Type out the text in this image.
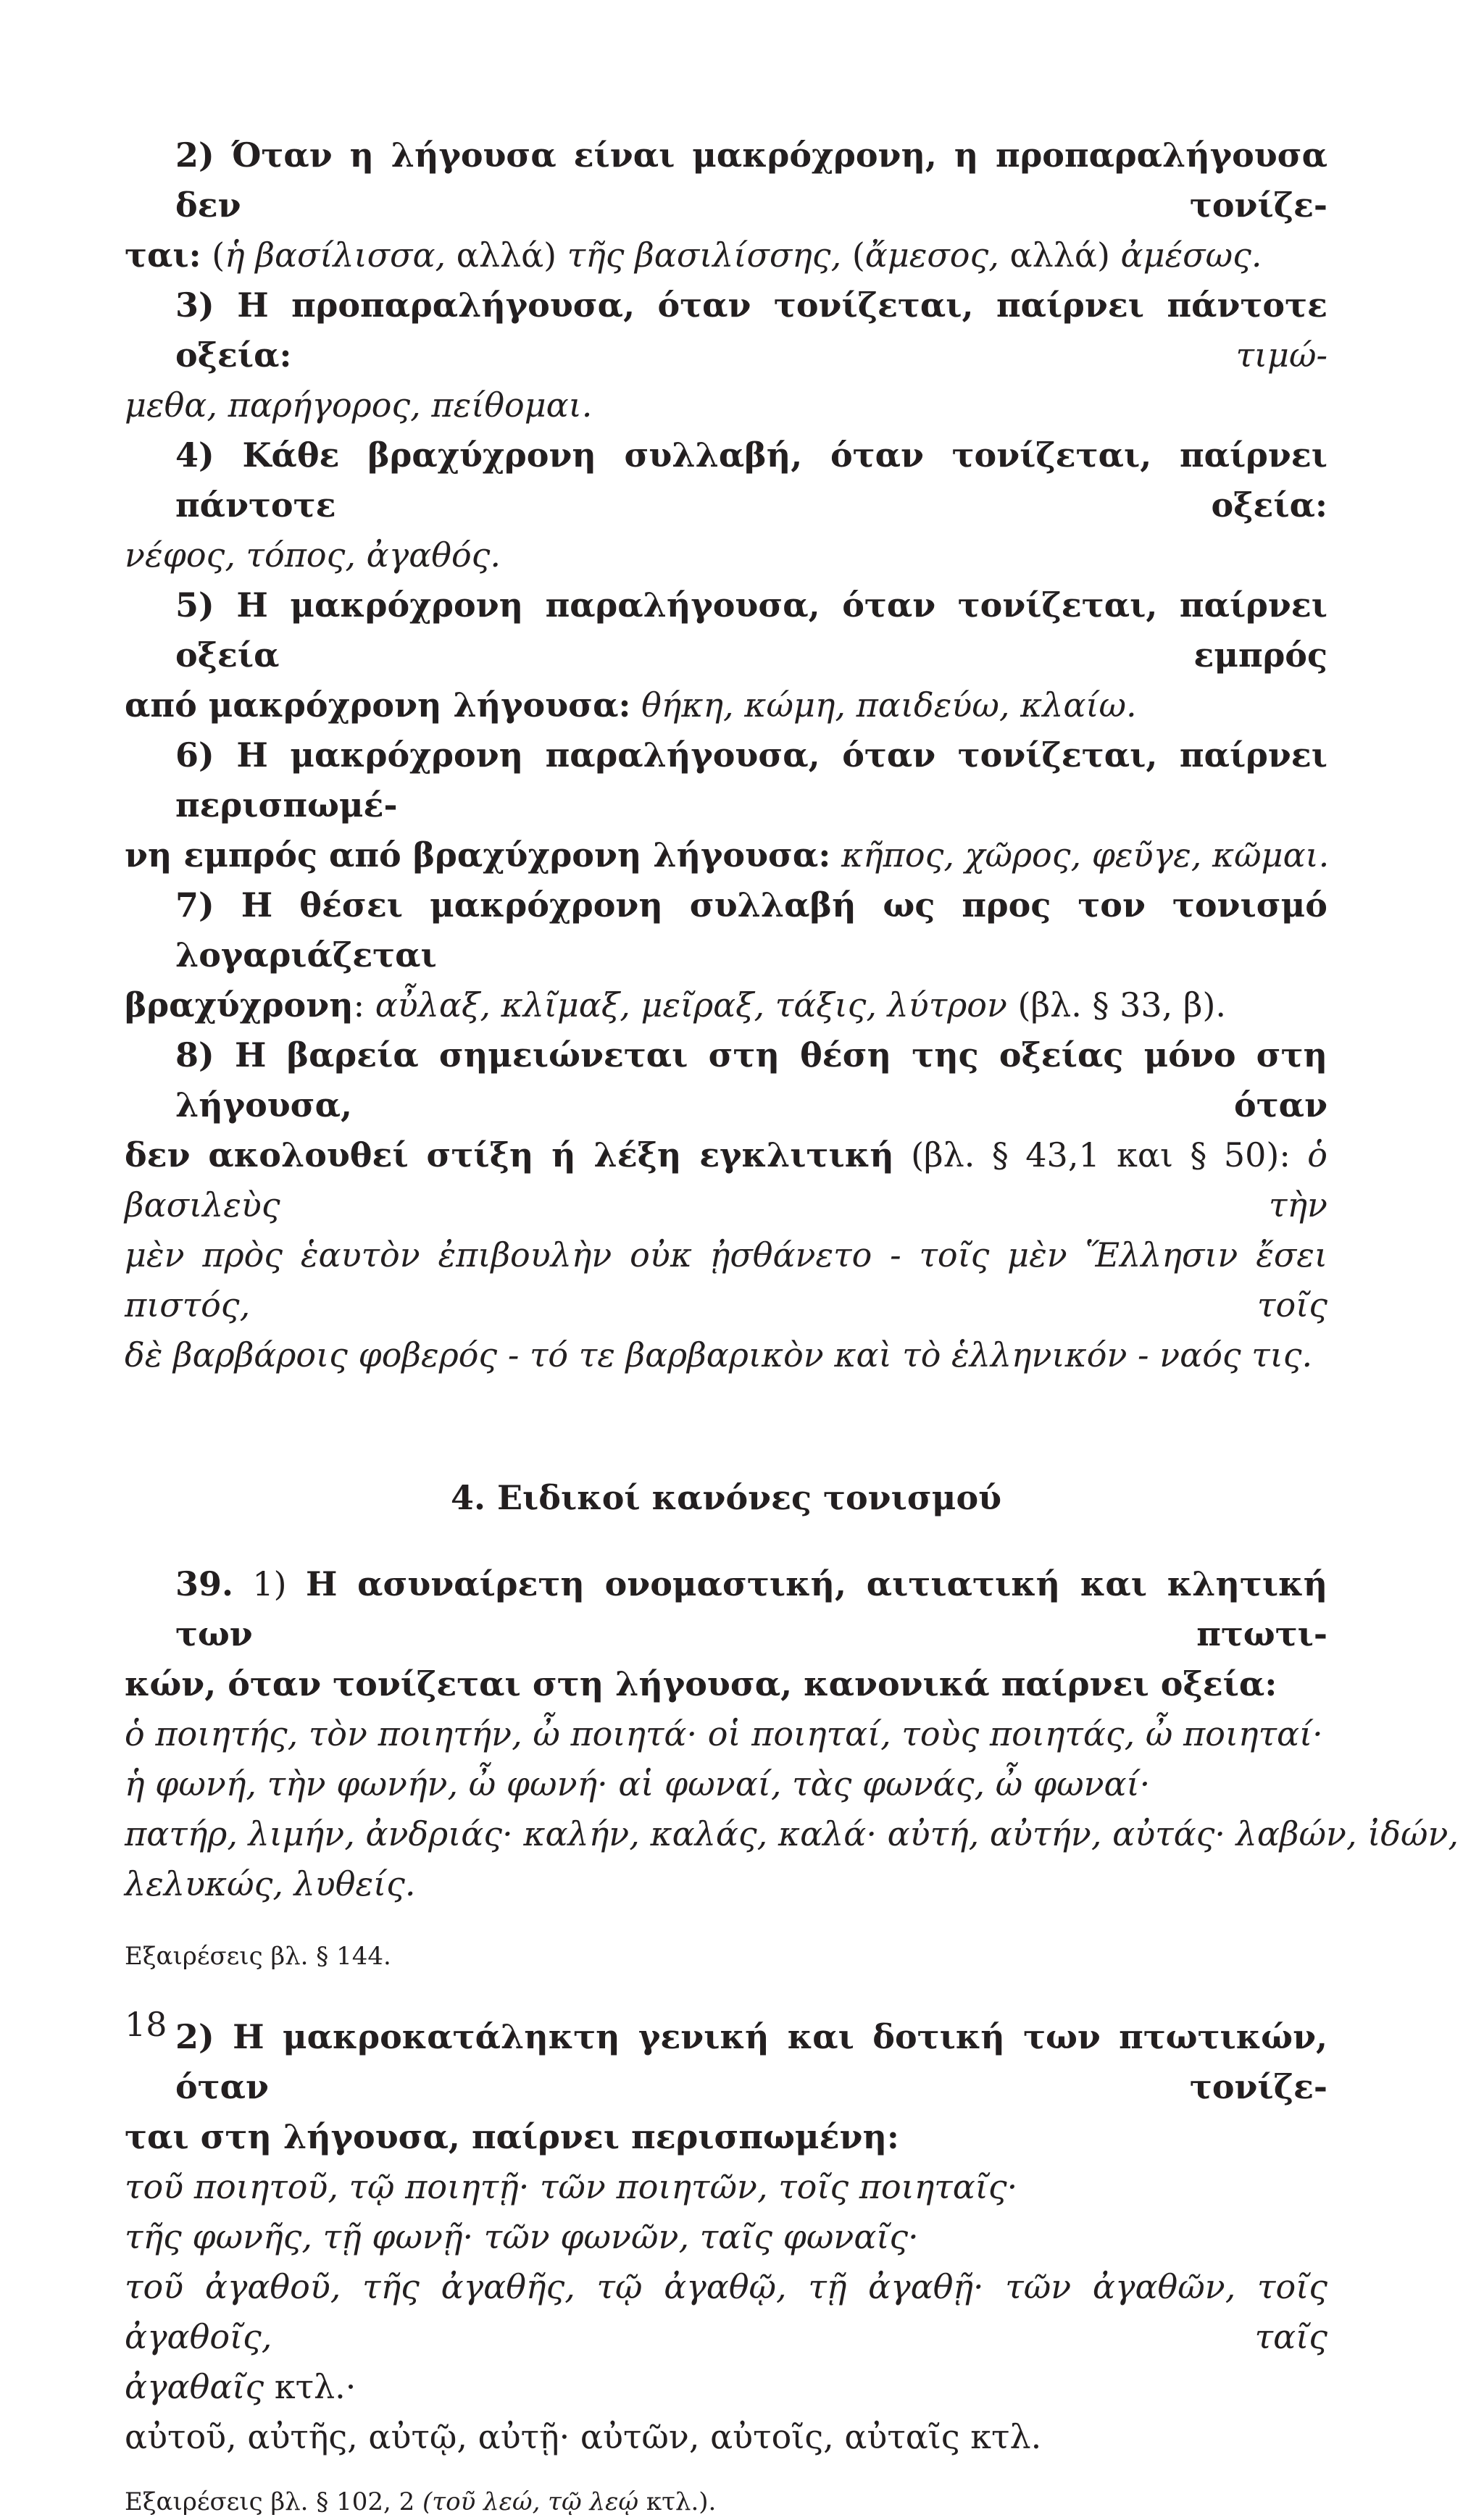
2) Όταν η λήγουσα είναι μακρόχρονη, η προπαραλήγουσα δεν τονίζε-
ται: (ἡ βασίλισσα, αλλά) τῆς βασιλίσσης, (ἄμεσος, αλλά) ἀμέσως.
3) Η προπαραλήγουσα, όταν τονίζεται, παίρνει πάντοτε οξεία:	τιμώ-
μεθα, παρήγορος, πείθομαι.
4) Κάθε βραχύχρονη συλλαβή, όταν τονίζεται, παίρνει πάντοτε οξεία:
νέφος, τόπος, ἀγαθός.
5) Η μακρόχρονη παραλήγουσα, όταν τονίζεται, παίρνει οξεία εμπρός
από μακρόχρονη λήγουσα: θήκη, κώμη, παιδεύω, κλαίω.
6) Η μακρόχρονη παραλήγουσα, όταν τονίζεται, παίρνει περισπωμέ-
νη εμπρός από βραχύχρονη λήγουσα: κῆπος, χῶρος, φεῦγε, κῶμαι.
7) Η θέσει μακρόχρονη συλλαβή ως προς τον τονισμό λογαριάζεται
βραχύχρονη: αὖλαξ, κλῖμαξ, μεῖραξ, τάξις, λύτρον (βλ. § 33, β).
8) Η βαρεία σημειώνεται στη θέση της οξείας μόνο στη λήγουσα, όταν
δεν ακολουθεί στίξη ή λέξη εγκλιτική (βλ. § 43,1 και § 50): ὁ βασιλεὺς τὴν
μὲν πρὸς ἑαυτὸν ἐπιβουλὴν οὐκ ᾐσθάνετο - τοῖς μὲν Ἕλλησιν ἔσει πιστός, τοῖς
δὲ βαρβάροις φοβερός - τό τε βαρβαρικὸν καὶ τὸ ἑλληνικόν - ναός τις.
4. Ειδικοί κανόνες τονισμού
39. 1) Η ασυναίρετη ονομαστική, αιτιατική και κλητική των πτωτι-
κών, όταν τονίζεται στη λήγουσα, κανονικά παίρνει οξεία:
ὁ ποιητής, τὸν ποιητήν, ὦ ποιητά· οἱ ποιηταί, τοὺς ποιητάς, ὦ ποιηταί·
ἡ φωνή, τὴν φωνήν, ὦ φωνή· αἱ φωναί, τὰς φωνάς, ὦ φωναί·
πατήρ, λιμήν, ἀνδριάς· καλήν, καλάς, καλά· αὐτή, αὐτήν, αὐτάς· λαβών, ἰδών,
λελυκώς, λυθείς.
Εξαιρέσεις βλ. § 144.
2) Η μακροκατάληκτη γενική και δοτική των πτωτικών, όταν τονίζε-
ται στη λήγουσα, παίρνει περισπωμένη:
τοῦ ποιητοῦ, τῷ ποιητῇ· τῶν ποιητῶν, τοῖς ποιηταῖς·
τῆς φωνῆς, τῇ φωνῇ· τῶν φωνῶν, ταῖς φωναῖς·
τοῦ ἀγαθοῦ, τῆς ἀγαθῆς, τῷ ἀγαθῷ, τῇ ἀγαθῇ· τῶν ἀγαθῶν, τοῖς ἀγαθοῖς, ταῖς
ἀγαθαῖς κτλ.·
αὐτοῦ, αὐτῆς, αὐτῷ, αὐτῇ· αὐτῶν, αὐτοῖς, αὐταῖς κτλ.
Εξαιρέσεις βλ. § 102, 2 (τοῦ λεώ, τῷ λεῴ κτλ.).
18
